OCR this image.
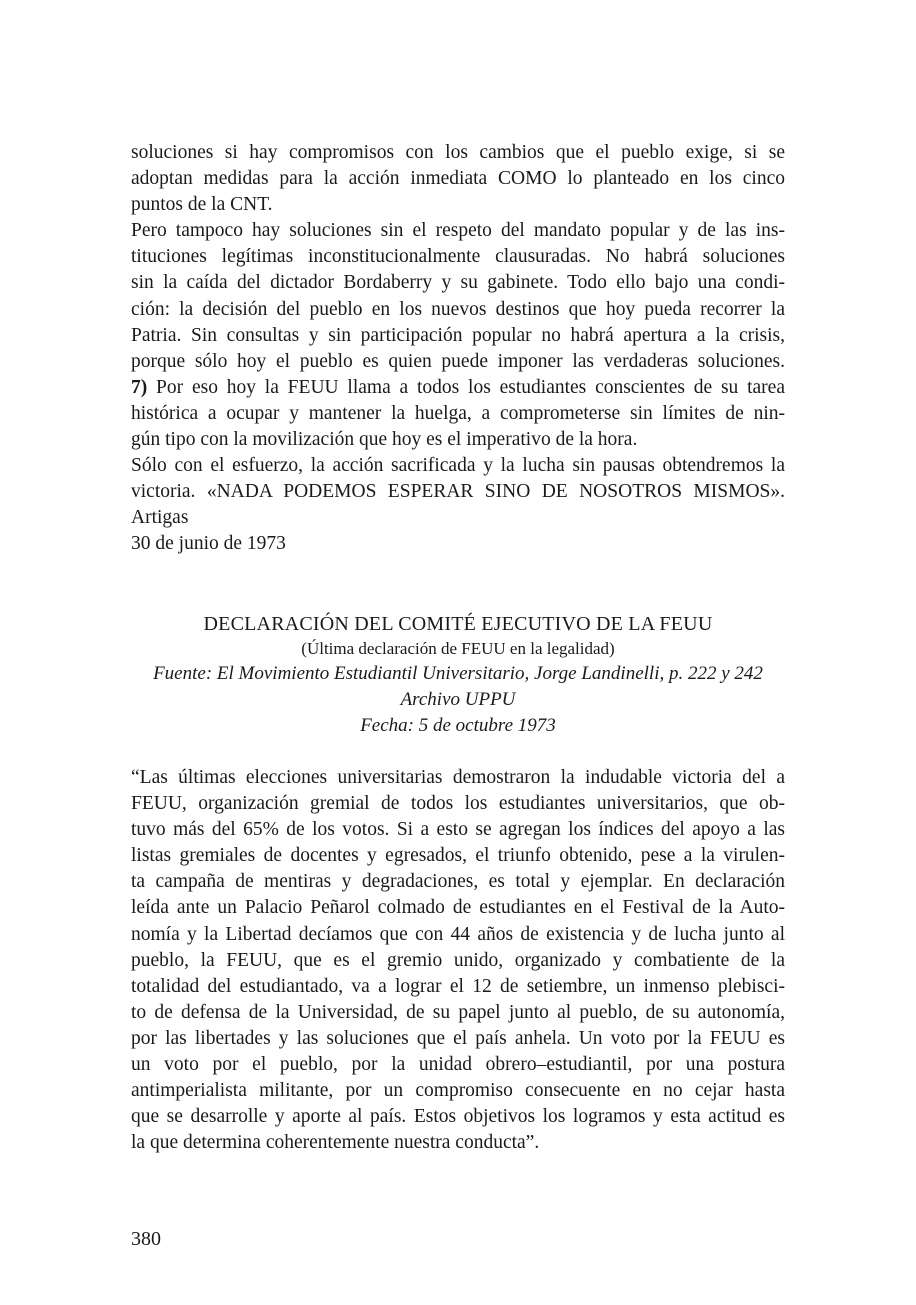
soluciones si hay compromisos con los cambios que el pueblo exige, si se
adoptan medidas para la acción inmediata COMO lo planteado en los cinco
puntos de la CNT.
Pero tampoco hay soluciones sin el respeto del mandato popular y de las ins-
tituciones legítimas inconstitucionalmente clausuradas. No habrá soluciones
sin la caída del dictador Bordaberry y su gabinete. Todo ello bajo una condi-
ción: la decisión del pueblo en los nuevos destinos que hoy pueda recorrer la
Patria. Sin consultas y sin participación popular no habrá apertura a la crisis,
porque sólo hoy el pueblo es quien puede imponer las verdaderas soluciones.
7) Por eso hoy la FEUU llama a todos los estudiantes conscientes de su tarea
histórica a ocupar y mantener la huelga, a comprometerse sin límites de nin-
gún tipo con la movilización que hoy es el imperativo de la hora.
Sólo con el esfuerzo, la acción sacrificada y la lucha sin pausas obtendremos la
victoria. «NADA PODEMOS ESPERAR SINO DE NOSOTROS MISMOS».
Artigas
30 de junio de 1973
DECLARACIÓN DEL COMITÉ EJECUTIVO DE LA FEUU
(Última declaración de FEUU en la legalidad)
Fuente: El Movimiento Estudiantil Universitario, Jorge Landinelli, p. 222 y 242
Archivo UPPU
Fecha: 5 de octubre 1973
“Las últimas elecciones universitarias demostraron la indudable victoria del a
FEUU, organización gremial de todos los estudiantes universitarios, que ob-
tuvo más del 65% de los votos. Si a esto se agregan los índices del apoyo a las
listas gremiales de docentes y egresados, el triunfo obtenido, pese a la virulen-
ta campaña de mentiras y degradaciones, es total y ejemplar. En declaración
leída ante un Palacio Peñarol colmado de estudiantes en el Festival de la Auto-
nomía y la Libertad decíamos que con 44 años de existencia y de lucha junto al
pueblo, la FEUU, que es el gremio unido, organizado y combatiente de la
totalidad del estudiantado, va a lograr el 12 de setiembre, un inmenso plebisci-
to de defensa de la Universidad, de su papel junto al pueblo, de su autonomía,
por las libertades y las soluciones que el país anhela. Un voto por la FEUU es
un voto por el pueblo, por la unidad obrero–estudiantil, por una postura
antimperialista militante, por un compromiso consecuente en no cejar hasta
que se desarrolle y aporte al país. Estos objetivos los logramos y esta actitud es
la que determina coherentemente nuestra conducta”.
380
